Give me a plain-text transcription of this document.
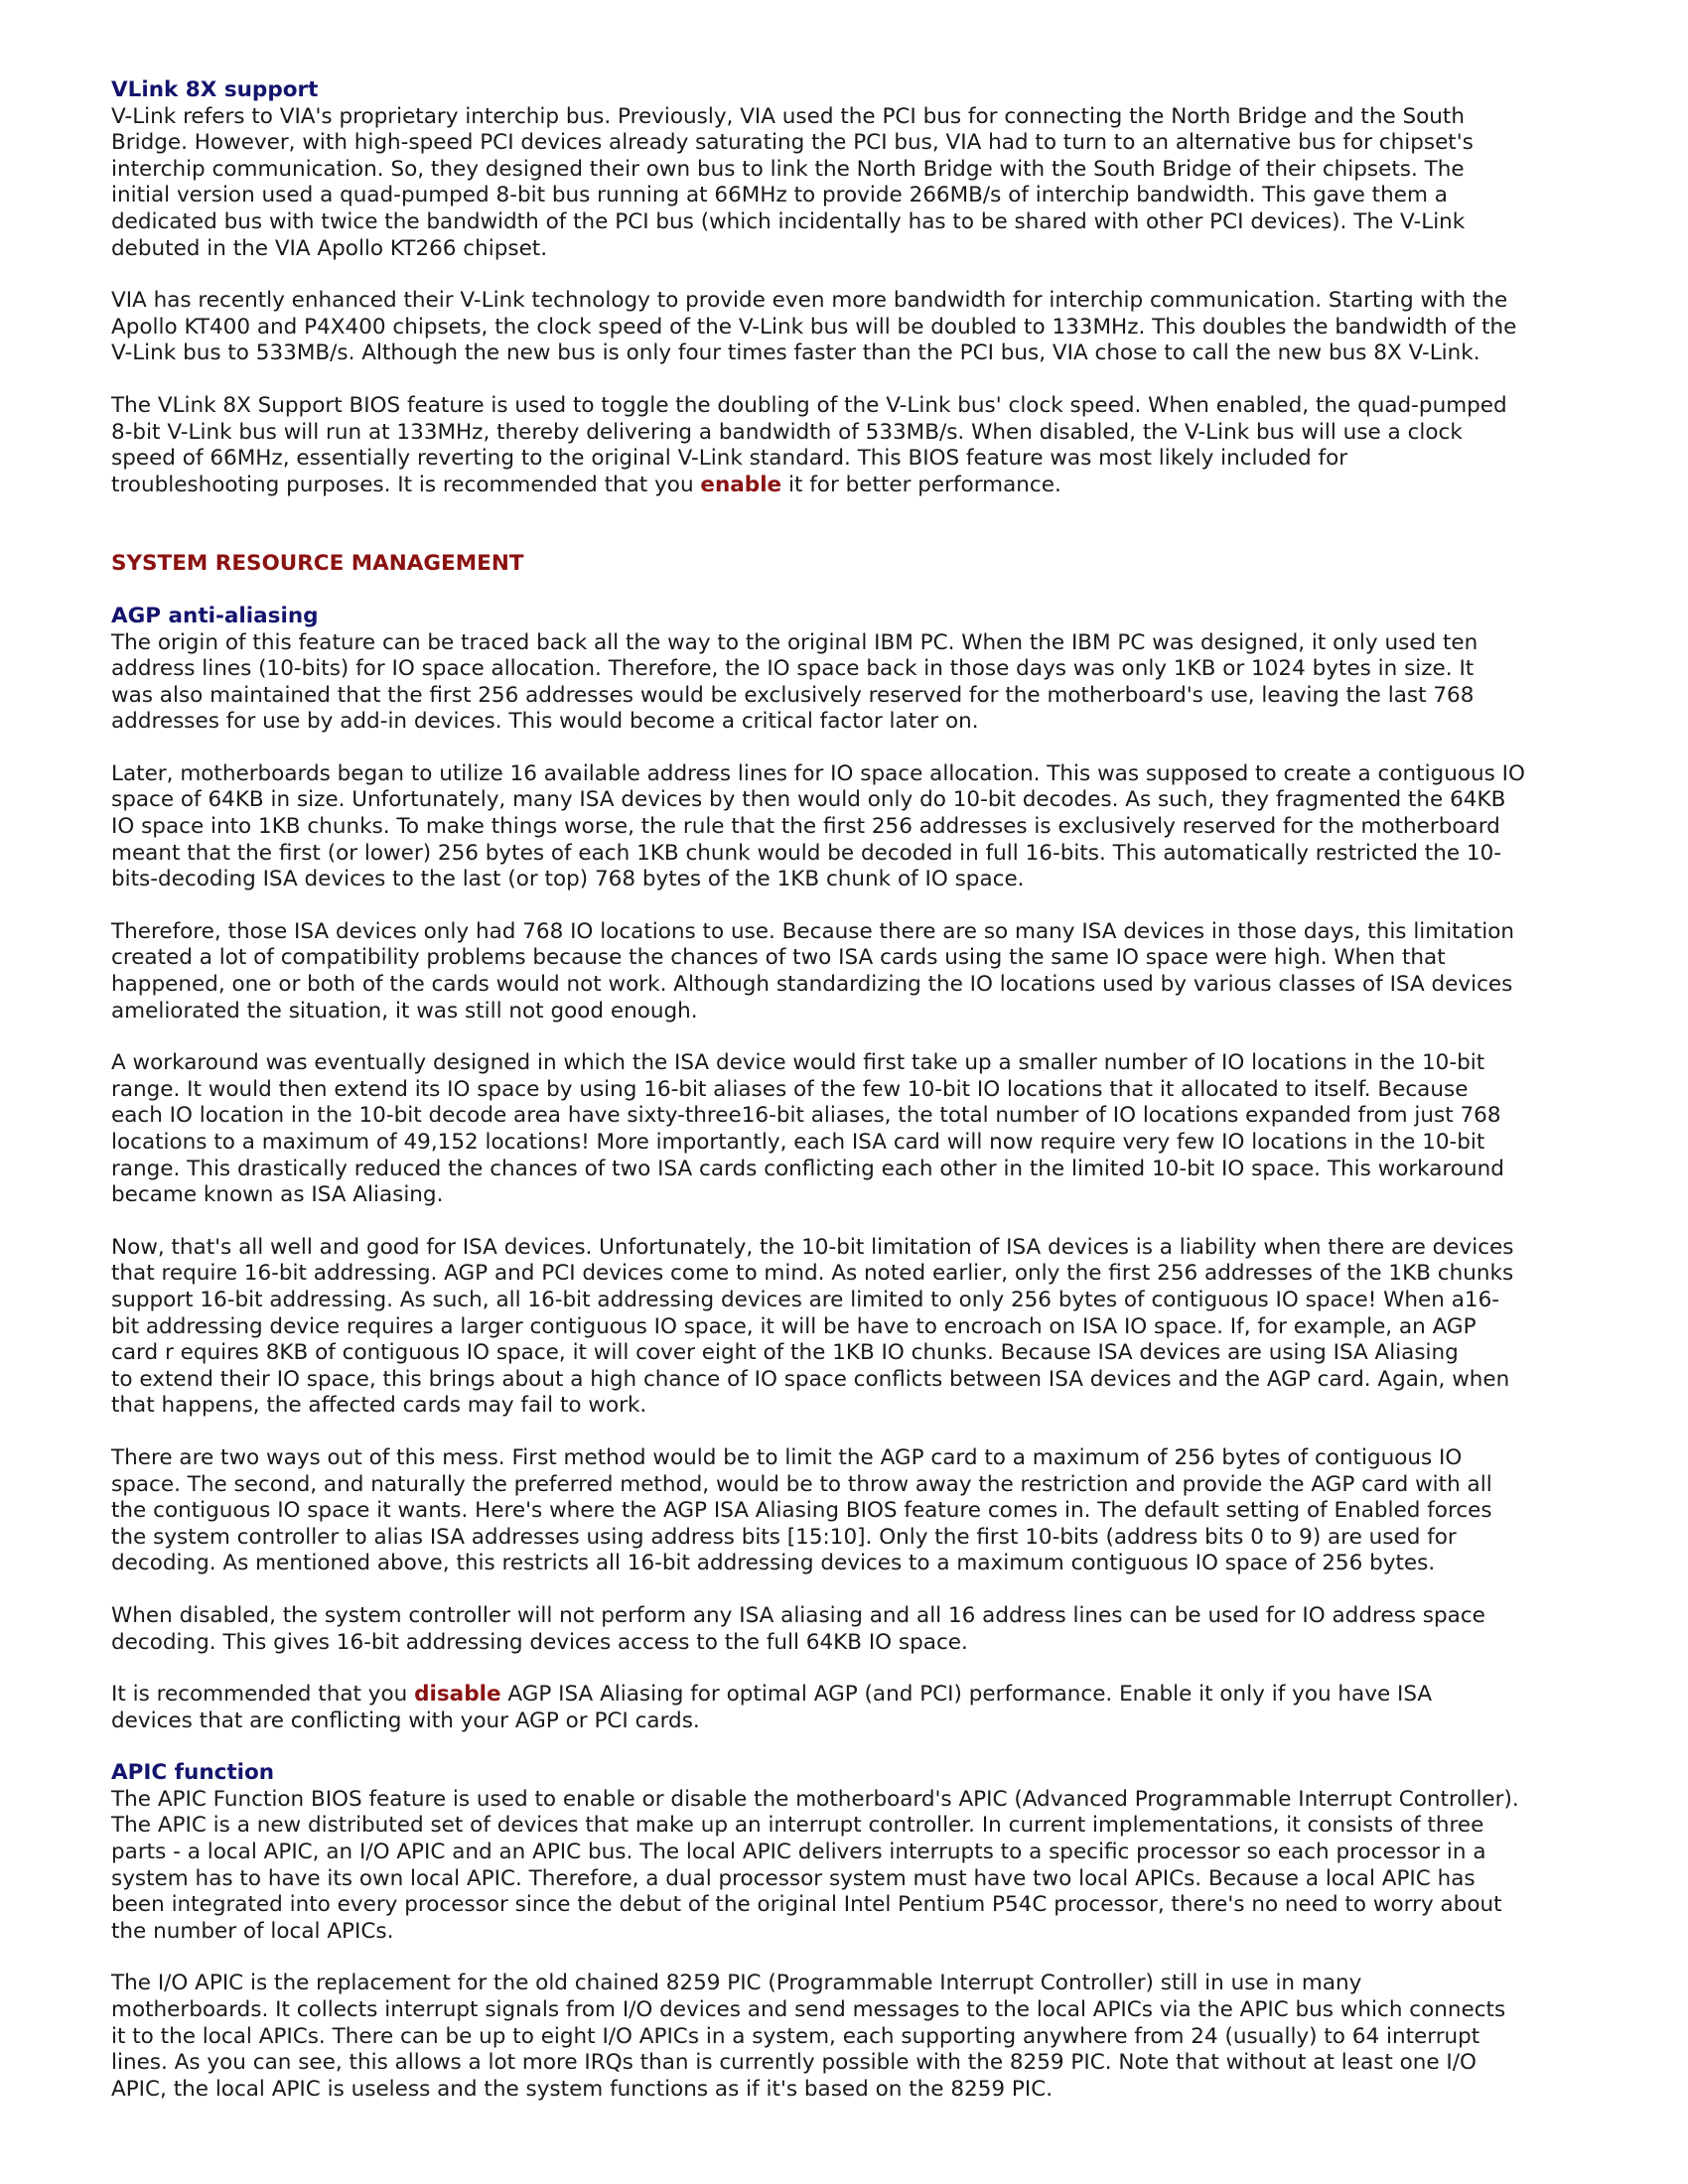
VLink 8X support

V-Link refers to VIA's proprietary interchip bus. Previously, VIA used the PCI bus for connecting the North Bridge and the South
Bridge. However, with high-speed PCI devices already saturating the PCI bus, VIA had to turn to an alternative bus for chipset's
interchip communication. So, they designed their own bus to link the North Bridge with the South Bridge of their chipsets. The
initial version used a quad-pumped 8-bit bus running at 66MHz to provide 266MB/s of interchip bandwidth. This gave them a
dedicated bus with twice the bandwidth of the PCI bus (which incidentally has to be shared with other PCI devices). The V-Link
debuted in the VIA Apollo KT266 chipset.

VIA has recently enhanced their V-Link technology to provide even more bandwidth for interchip communication. Starting with the
Apollo KT400 and P4X400 chipsets, the clock speed of the V-Link bus will be doubled to 133MHz. This doubles the bandwidth of the
V-Link bus to 533MB/s. Although the new bus is only four times faster than the PCI bus, VIA chose to call the new bus 8X V-Link.

The VLink 8X Support BIOS feature is used to toggle the doubling of the V-Link bus' clock speed. When enabled, the quad-pumped
8-bit V-Link bus will run at 133MHz, thereby delivering a bandwidth of 533MB/s. When disabled, the V-Link bus will use a clock
speed of 66MHz, essentially reverting to the original V-Link standard. This BIOS feature was most likely included for
troubleshooting purposes. It is recommended that you enable it for better performance.

SYSTEM RESOURCE MANAGEMENT
AGP anti-aliasing

The origin of this feature can be traced back all the way to the original IBM PC. When the IBM PC was designed, it only used ten
address lines (10-bits) for IO space allocation. Therefore, the IO space back in those days was only 1KB or 1024 bytes in size. It
was also maintained that the first 256 addresses would be exclusively reserved for the motherboard's use, leaving the last 768
addresses for use by add-in devices. This would become a critical factor later on.

Later, motherboards began to utilize 16 available address lines for IO space allocation. This was supposed to create a contiguous IO
space of 64KB in size. Unfortunately, many ISA devices by then would only do 10-bit decodes. As such, they fragmented the 64KB
IO space into 1KB chunks. To make things worse, the rule that the first 256 addresses is exclusively reserved for the motherboard
meant that the first (or lower) 256 bytes of each 1KB chunk would be decoded in full 16-bits. This automatically restricted the 10-
bits-decoding ISA devices to the last (or top) 768 bytes of the 1KB chunk of IO space.

Therefore, those ISA devices only had 768 IO locations to use. Because there are so many ISA devices in those days, this limitation
created a lot of compatibility problems because the chances of two ISA cards using the same IO space were high. When that
happened, one or both of the cards would not work. Although standardizing the IO locations used by various classes of ISA devices
ameliorated the situation, it was still not good enough.

A workaround was eventually designed in which the ISA device would first take up a smaller number of IO locations in the 10-bit
range. It would then extend its IO space by using 16-bit aliases of the few 10-bit IO locations that it allocated to itself. Because
each IO location in the 10-bit decode area have sixty-three16-bit aliases, the total number of IO locations expanded from just 768
locations to a maximum of 49,152 locations! More importantly, each ISA card will now require very few IO locations in the 10-bit
range. This drastically reduced the chances of two ISA cards conflicting each other in the limited 10-bit IO space. This workaround
became known as ISA Aliasing.

Now, that's all well and good for ISA devices. Unfortunately, the 10-bit limitation of ISA devices is a liability when there are devices
that require 16-bit addressing. AGP and PCI devices come to mind. As noted earlier, only the first 256 addresses of the 1KB chunks
support 16-bit addressing. As such, all 16-bit addressing devices are limited to only 256 bytes of contiguous IO space! When a16-
bit addressing device requires a larger contiguous IO space, it will be have to encroach on ISA IO space. If, for example, an AGP
card r equires 8KB of contiguous IO space, it will cover eight of the 1KB IO chunks. Because ISA devices are using ISA Aliasing
to extend their IO space, this brings about a high chance of IO space conflicts between ISA devices and the AGP card. Again, when
that happens, the affected cards may fail to work.

There are two ways out of this mess. First method would be to limit the AGP card to a maximum of 256 bytes of contiguous IO
space. The second, and naturally the preferred method, would be to throw away the restriction and provide the AGP card with all
the contiguous IO space it wants. Here's where the AGP ISA Aliasing BIOS feature comes in. The default setting of Enabled forces
the system controller to alias ISA addresses using address bits [15:10]. Only the first 10-bits (address bits 0 to 9) are used for
decoding. As mentioned above, this restricts all 16-bit addressing devices to a maximum contiguous IO space of 256 bytes.

When disabled, the system controller will not perform any ISA aliasing and all 16 address lines can be used for IO address space
decoding. This gives 16-bit addressing devices access to the full 64KB IO space.

It is recommended that you disable AGP ISA Aliasing for optimal AGP (and PCI) performance. Enable it only if you have ISA
devices that are conflicting with your AGP or PCI cards.

APIC function

The APIC Function BIOS feature is used to enable or disable the motherboard's APIC (Advanced Programmable Interrupt Controller).
The APIC is a new distributed set of devices that make up an interrupt controller. In current implementations, it consists of three
parts - a local APIC, an I/O APIC and an APIC bus. The local APIC delivers interrupts to a specific processor so each processor in a
system has to have its own local APIC. Therefore, a dual processor system must have two local APICs. Because a local APIC has
been integrated into every processor since the debut of the original Intel Pentium P54C processor, there's no need to worry about
the number of local APICs.

The I/O APIC is the replacement for the old chained 8259 PIC (Programmable Interrupt Controller) still in use in many
motherboards. It collects interrupt signals from I/O devices and send messages to the local APICs via the APIC bus which connects
it to the local APICs. There can be up to eight I/O APICs in a system, each supporting anywhere from 24 (usually) to 64 interrupt
lines. As you can see, this allows a lot more IRQs than is currently possible with the 8259 PIC. Note that without at least one I/O
APIC, the local APIC is useless and the system functions as if it's based on the 8259 PIC.
